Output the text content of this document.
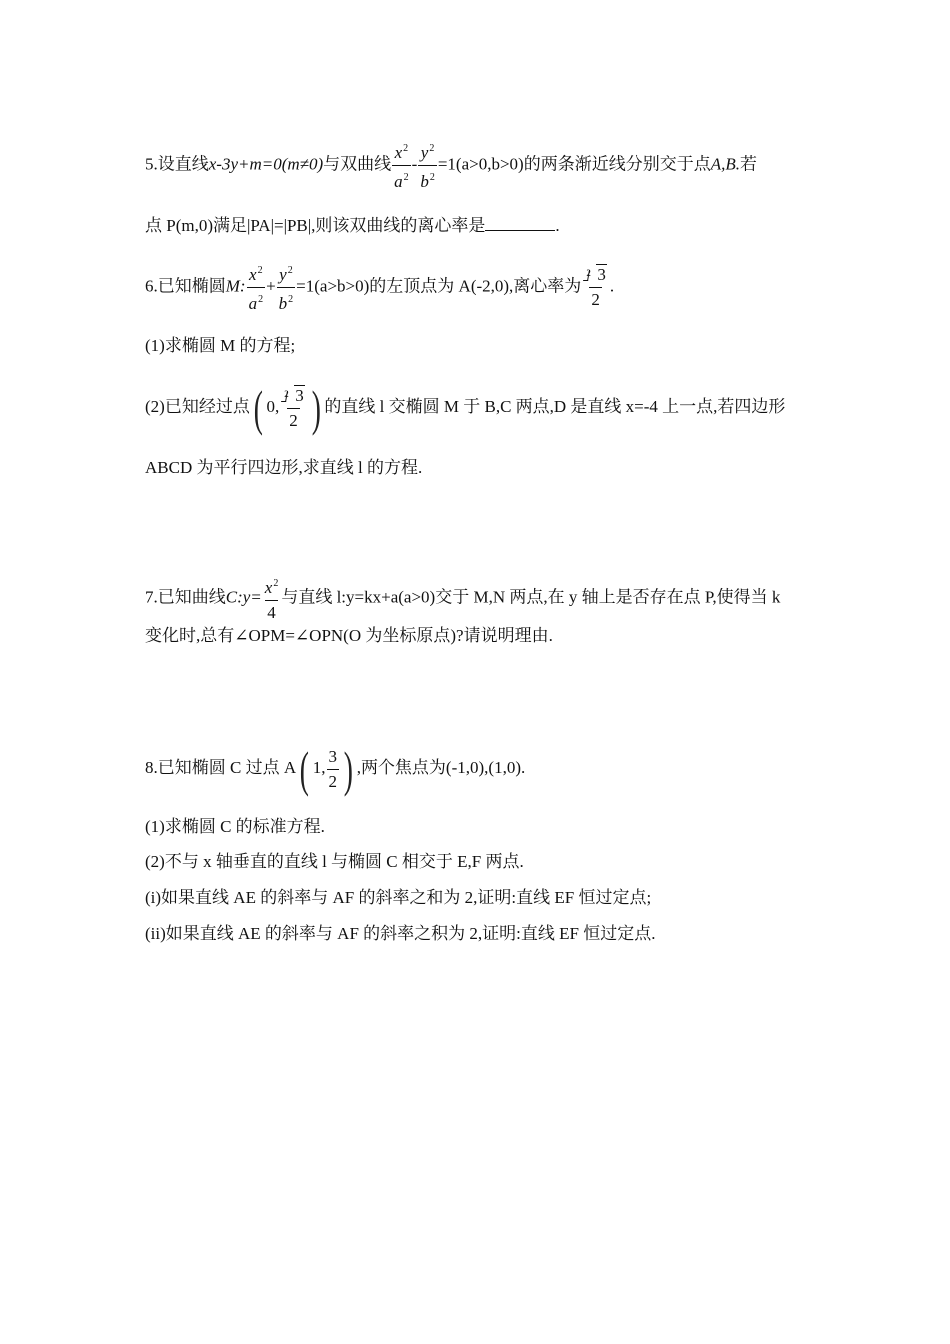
5.设直线x-3y+m=0(m≠0)与双曲线 $\frac{x^2}{a^2} - \frac{y^2}{b^2} =1(a>0,b>0)$的两条渐近线分别交于点A,B.若
点 P(m,0)满足|PA|=|PB|,则该双曲线的离心率是	.
6.已知椭圆M: $\frac{x^2}{a^2} + \frac{y^2}{b^2} =1(a>b>0)$的左顶点为 A(-2,0),离心率为 $\frac{2 3}{2}$ .
(1)求椭圆 M 的方程;
(2)已知经过点( 0, $\frac{2 3}{2}$ ) 的直线 l 交椭圆 M 于 B,C 两点,D 是直线 x=-4 上一点,若四边形
ABCD 为平行四边形,求直线 l 的方程.
7.已知曲线C:y= $\frac{x^2}{4}$ 与直线 l:y=kx+a(a>0)交于 M,N 两点,在 y 轴上是否存在点 P,使得当 k
变化时,总有∠OPM=∠OPN(O 为坐标原点)?请说明理由.
8.已知椭圆 C 过点 A( 1, $\frac{3}{2}$ ) ,两个焦点为(-1,0),(1,0).
(1)求椭圆 C 的标准方程.
(2)不与 x 轴垂直的直线 l 与椭圆 C 相交于 E,F 两点.
(i)如果直线 AE 的斜率与 AF 的斜率之和为 2,证明:直线 EF 恒过定点;
(ii)如果直线 AE 的斜率与 AF 的斜率之积为 2,证明:直线 EF 恒过定点.
